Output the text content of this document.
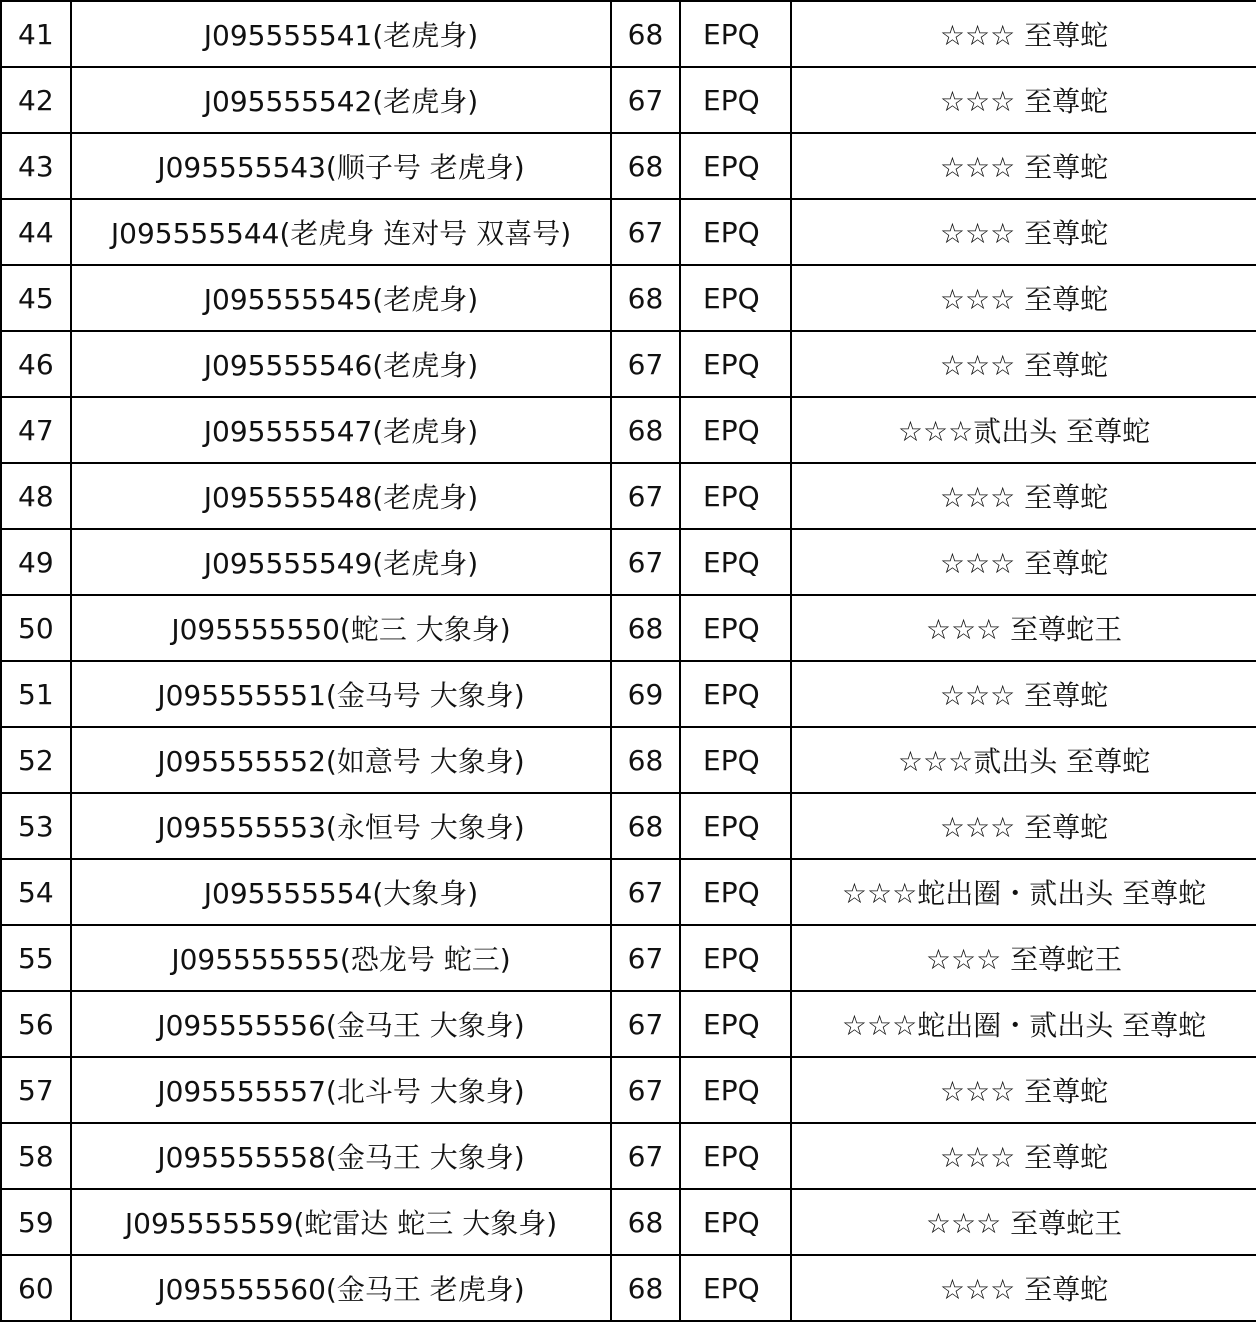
41	J095555541(老虎身)	68	EPQ	☆☆☆ 至尊蛇
42	J095555542(老虎身)	67	EPQ	☆☆☆ 至尊蛇
43	J095555543(顺子号 老虎身)	68	EPQ	☆☆☆ 至尊蛇
44	J095555544(老虎身 连对号 双喜号)	67	EPQ	☆☆☆ 至尊蛇
45	J095555545(老虎身)	68	EPQ	☆☆☆ 至尊蛇
46	J095555546(老虎身)	67	EPQ	☆☆☆ 至尊蛇
47	J095555547(老虎身)	68	EPQ	☆☆☆贰出头 至尊蛇
48	J095555548(老虎身)	67	EPQ	☆☆☆ 至尊蛇
49	J095555549(老虎身)	67	EPQ	☆☆☆ 至尊蛇
50	J095555550(蛇三 大象身)	68	EPQ	☆☆☆ 至尊蛇王
51	J095555551(金马号 大象身)	69	EPQ	☆☆☆ 至尊蛇
52	J095555552(如意号 大象身)	68	EPQ	☆☆☆贰出头 至尊蛇
53	J095555553(永恒号 大象身)	68	EPQ	☆☆☆ 至尊蛇
54	J095555554(大象身)	67	EPQ	☆☆☆蛇出圈・贰出头 至尊蛇
55	J095555555(恐龙号 蛇三)	67	EPQ	☆☆☆ 至尊蛇王
56	J095555556(金马王 大象身)	67	EPQ	☆☆☆蛇出圈・贰出头 至尊蛇
57	J095555557(北斗号 大象身)	67	EPQ	☆☆☆ 至尊蛇
58	J095555558(金马王 大象身)	67	EPQ	☆☆☆ 至尊蛇
59	J095555559(蛇雷达 蛇三 大象身)	68	EPQ	☆☆☆ 至尊蛇王
60	J095555560(金马王 老虎身)	68	EPQ	☆☆☆ 至尊蛇
